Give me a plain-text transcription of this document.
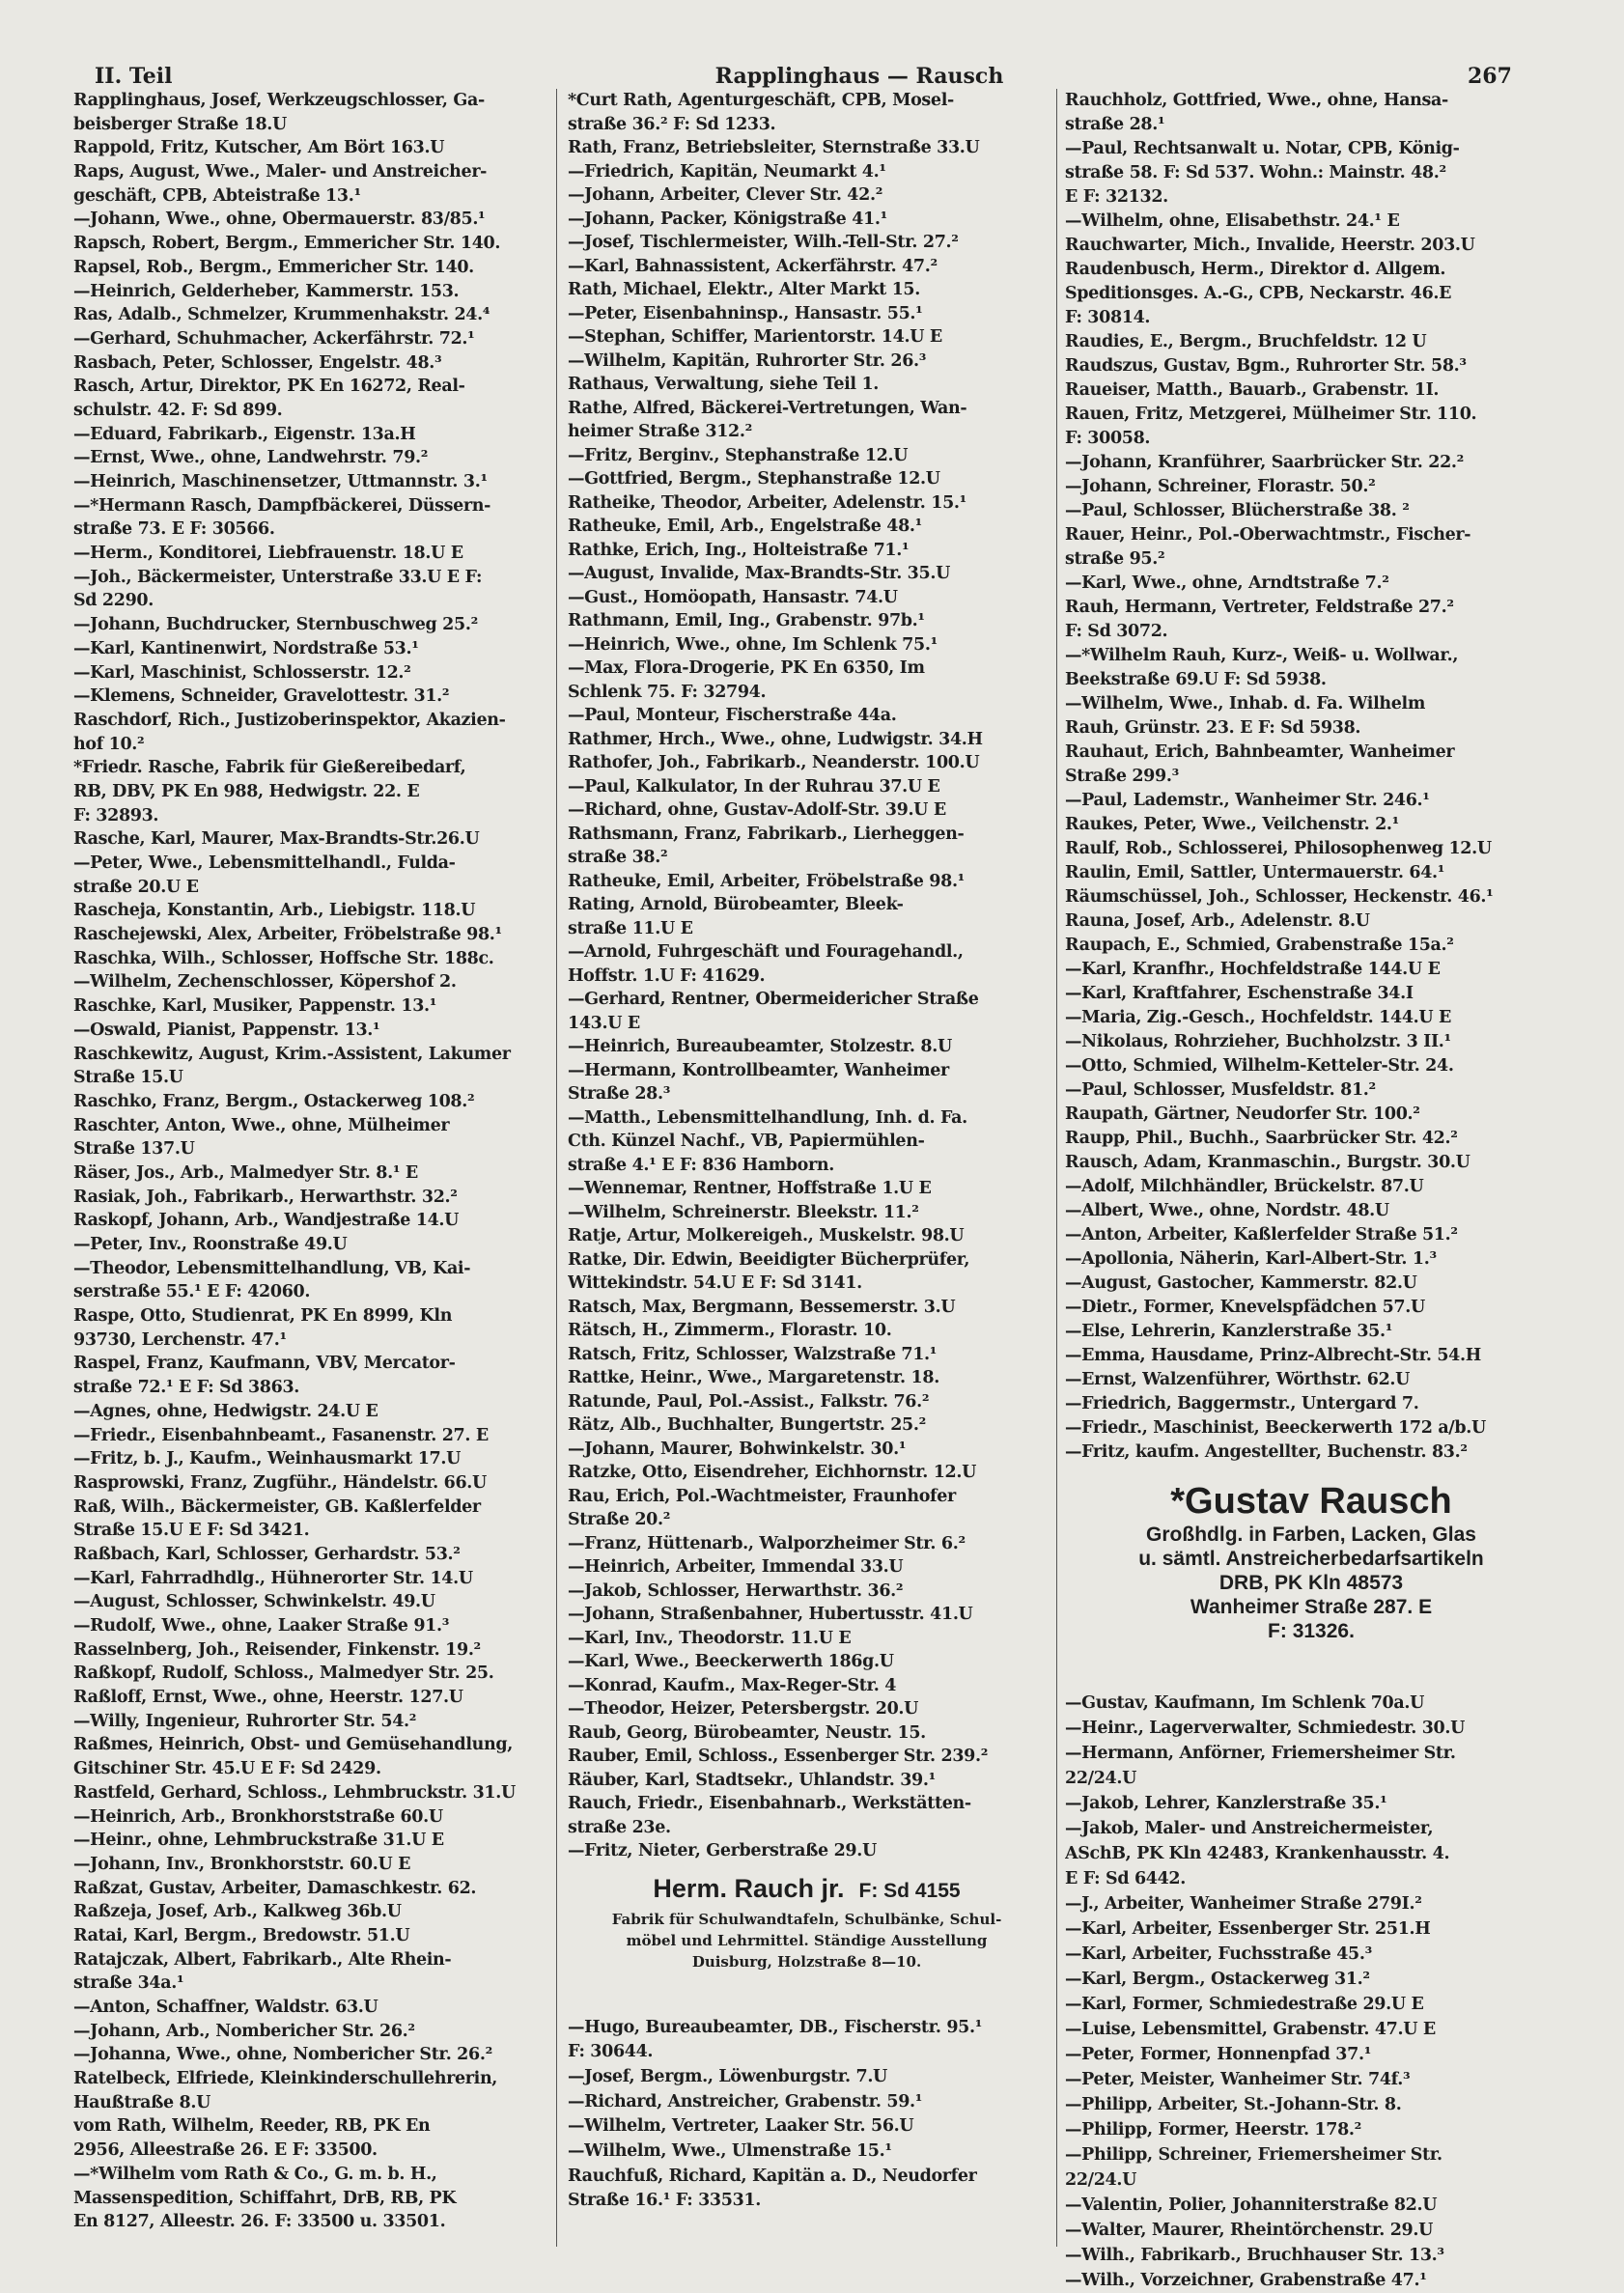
II. Teil	Rapplinghaus — Rausch	267
Rapplinghaus, Josef, Werkzeugschlosser, Ga-
beisberger Straße 18.U
Rappold, Fritz, Kutscher, Am Bört 163.U
Raps, August, Wwe., Maler- und Anstreicher-
geschäft, CPB, Abteistraße 13.¹
—Johann, Wwe., ohne, Obermauerstr. 83/85.¹
Rapsch, Robert, Bergm., Emmericher Str. 140.
Rapsel, Rob., Bergm., Emmericher Str. 140.
—Heinrich, Gelderheber, Kammerstr. 153.
Ras, Adalb., Schmelzer, Krummenhakstr. 24.⁴
—Gerhard, Schuhmacher, Ackerfährstr. 72.¹
Rasbach, Peter, Schlosser, Engelstr. 48.³
Rasch, Artur, Direktor, PK En 16272, Real-
schulstr. 42. F: Sd 899.
—Eduard, Fabrikarb., Eigenstr. 13a.H
—Ernst, Wwe., ohne, Landwehrstr. 79.²
—Heinrich, Maschinensetzer, Uttmannstr. 3.¹
—*Hermann Rasch, Dampfbäckerei, Düssern-
straße 73. E F: 30566.
—Herm., Konditorei, Liebfrauenstr. 18.U E
—Joh., Bäckermeister, Unterstraße 33.U E F:
Sd 2290.
—Johann, Buchdrucker, Sternbuschweg 25.²
—Karl, Kantinenwirt, Nordstraße 53.¹
—Karl, Maschinist, Schlosserstr. 12.²
—Klemens, Schneider, Gravelottestr. 31.²
Raschdorf, Rich., Justizoberinspektor, Akazien-
hof 10.²
*Friedr. Rasche, Fabrik für Gießereibedarf,
RB, DBV, PK En 988, Hedwigstr. 22. E
F: 32893.
Rasche, Karl, Maurer, Max-Brandts-Str.26.U
—Peter, Wwe., Lebensmittelhandl., Fulda-
straße 20.U E
Rascheja, Konstantin, Arb., Liebigstr. 118.U
Raschejewski, Alex, Arbeiter, Fröbelstraße 98.¹
Raschka, Wilh., Schlosser, Hoffsche Str. 188c.
—Wilhelm, Zechenschlosser, Köpershof 2.
Raschke, Karl, Musiker, Pappenstr. 13.¹
—Oswald, Pianist, Pappenstr. 13.¹
Raschkewitz, August, Krim.-Assistent, Lakumer
Straße 15.U
Raschko, Franz, Bergm., Ostackerweg 108.²
Raschter, Anton, Wwe., ohne, Mülheimer
Straße 137.U
Räser, Jos., Arb., Malmedyer Str. 8.¹ E
Rasiak, Joh., Fabrikarb., Herwarthstr. 32.²
Raskopf, Johann, Arb., Wandjestraße 14.U
—Peter, Inv., Roonstraße 49.U
—Theodor, Lebensmittelhandlung, VB, Kai-
serstraße 55.¹ E F: 42060.
Raspe, Otto, Studienrat, PK En 8999, Kln
93730, Lerchenstr. 47.¹
Raspel, Franz, Kaufmann, VBV, Mercator-
straße 72.¹ E F: Sd 3863.
—Agnes, ohne, Hedwigstr. 24.U E
—Friedr., Eisenbahnbeamt., Fasanenstr. 27. E
—Fritz, b. J., Kaufm., Weinhausmarkt 17.U
Rasprowski, Franz, Zugführ., Händelstr. 66.U
Raß, Wilh., Bäckermeister, GB. Kaßlerfelder
Straße 15.U E F: Sd 3421.
Raßbach, Karl, Schlosser, Gerhardstr. 53.²
—Karl, Fahrradhdlg., Hühnerorter Str. 14.U
—August, Schlosser, Schwinkelstr. 49.U
—Rudolf, Wwe., ohne, Laaker Straße 91.³
Rasselnberg, Joh., Reisender, Finkenstr. 19.²
Raßkopf, Rudolf, Schloss., Malmedyer Str. 25.
Raßloff, Ernst, Wwe., ohne, Heerstr. 127.U
—Willy, Ingenieur, Ruhrorter Str. 54.²
Raßmes, Heinrich, Obst- und Gemüsehandlung,
Gitschiner Str. 45.U E F: Sd 2429.
Rastfeld, Gerhard, Schloss., Lehmbruckstr. 31.U
—Heinrich, Arb., Bronkhorststraße 60.U
—Heinr., ohne, Lehmbruckstraße 31.U E
—Johann, Inv., Bronkhorststr. 60.U E
Raßzat, Gustav, Arbeiter, Damaschkestr. 62.
Raßzeja, Josef, Arb., Kalkweg 36b.U
Ratai, Karl, Bergm., Bredowstr. 51.U
Ratajczak, Albert, Fabrikarb., Alte Rhein-
straße 34a.¹
—Anton, Schaffner, Waldstr. 63.U
—Johann, Arb., Nombericher Str. 26.²
—Johanna, Wwe., ohne, Nombericher Str. 26.²
Ratelbeck, Elfriede, Kleinkinderschullehrerin,
Haußtraße 8.U
vom Rath, Wilhelm, Reeder, RB, PK En
2956, Alleestraße 26. E F: 33500.
—*Wilhelm vom Rath & Co., G. m. b. H.,
Massenspedition, Schiffahrt, DrB, RB, PK
En 8127, Alleestr. 26. F: 33500 u. 33501.
*Curt Rath, Agenturgeschäft, CPB, Mosel-
straße 36.² F: Sd 1233.
Rath, Franz, Betriebsleiter, Sternstraße 33.U
—Friedrich, Kapitän, Neumarkt 4.¹
—Johann, Arbeiter, Clever Str. 42.²
—Johann, Packer, Königstraße 41.¹
—Josef, Tischlermeister, Wilh.-Tell-Str. 27.²
—Karl, Bahnassistent, Ackerfährstr. 47.²
Rath, Michael, Elektr., Alter Markt 15.
—Peter, Eisenbahninsp., Hansastr. 55.¹
—Stephan, Schiffer, Marientorstr. 14.U E
—Wilhelm, Kapitän, Ruhrorter Str. 26.³
Rathaus, Verwaltung, siehe Teil 1.
Rathe, Alfred, Bäckerei-Vertretungen, Wan-
heimer Straße 312.²
—Fritz, Berginv., Stephanstraße 12.U
—Gottfried, Bergm., Stephanstraße 12.U
Ratheike, Theodor, Arbeiter, Adelenstr. 15.¹
Ratheuke, Emil, Arb., Engelstraße 48.¹
Rathke, Erich, Ing., Holteistraße 71.¹
—August, Invalide, Max-Brandts-Str. 35.U
—Gust., Homöopath, Hansastr. 74.U
Rathmann, Emil, Ing., Grabenstr. 97b.¹
—Heinrich, Wwe., ohne, Im Schlenk 75.¹
—Max, Flora-Drogerie, PK En 6350, Im
Schlenk 75. F: 32794.
—Paul, Monteur, Fischerstraße 44a.
Rathmer, Hrch., Wwe., ohne, Ludwigstr. 34.H
Rathofer, Joh., Fabrikarb., Neanderstr. 100.U
—Paul, Kalkulator, In der Ruhrau 37.U E
—Richard, ohne, Gustav-Adolf-Str. 39.U E
Rathsmann, Franz, Fabrikarb., Lierheggen-
straße 38.²
Ratheuke, Emil, Arbeiter, Fröbelstraße 98.¹
Rating, Arnold, Bürobeamter, Bleek-
straße 11.U E
—Arnold, Fuhrgeschäft und Fouragehandl.,
Hoffstr. 1.U F: 41629.
—Gerhard, Rentner, Obermeidericher Straße
143.U E
—Heinrich, Bureaubeamter, Stolzestr. 8.U
—Hermann, Kontrollbeamter, Wanheimer
Straße 28.³
—Matth., Lebensmittelhandlung, Inh. d. Fa.
Cth. Künzel Nachf., VB, Papiermühlen-
straße 4.¹ E F: 836 Hamborn.
—Wennemar, Rentner, Hoffstraße 1.U E
—Wilhelm, Schreinerstr. Bleekstr. 11.²
Ratje, Artur, Molkereigeh., Muskelstr. 98.U
Ratke, Dir. Edwin, Beeidigter Bücherprüfer,
Wittekindstr. 54.U E F: Sd 3141.
Ratsch, Max, Bergmann, Bessemerstr. 3.U
Rätsch, H., Zimmerm., Florastr. 10.
Ratsch, Fritz, Schlosser, Walzstraße 71.¹
Rattke, Heinr., Wwe., Margaretenstr. 18.
Ratunde, Paul, Pol.-Assist., Falkstr. 76.²
Rätz, Alb., Buchhalter, Bungertstr. 25.²
—Johann, Maurer, Bohwinkelstr. 30.¹
Ratzke, Otto, Eisendreher, Eichhornstr. 12.U
Rau, Erich, Pol.-Wachtmeister, Fraunhofer
Straße 20.²
—Franz, Hüttenarb., Walporzheimer Str. 6.²
—Heinrich, Arbeiter, Immendal 33.U
—Jakob, Schlosser, Herwarthstr. 36.²
—Johann, Straßenbahner, Hubertusstr. 41.U
—Karl, Inv., Theodorstr. 11.U E
—Karl, Wwe., Beeckerwerth 186g.U
—Konrad, Kaufm., Max-Reger-Str. 4
—Theodor, Heizer, Petersbergstr. 20.U
Raub, Georg, Bürobeamter, Neustr. 15.
Rauber, Emil, Schloss., Essenberger Str. 239.²
Räuber, Karl, Stadtsekr., Uhlandstr. 39.¹
Rauch, Friedr., Eisenbahnarb., Werkstätten-
straße 23e.
—Fritz, Nieter, Gerberstraße 29.U
Herm. Rauch jr. F: Sd 4155
Fabrik für Schulwandtafeln, Schulbänke, Schul-
möbel und Lehrmittel. Ständige Ausstellung
Duisburg, Holzstraße 8—10.
—Hugo, Bureaubeamter, DB., Fischerstr. 95.¹
F: 30644.
—Josef, Bergm., Löwenburgstr. 7.U
—Richard, Anstreicher, Grabenstr. 59.¹
—Wilhelm, Vertreter, Laaker Str. 56.U
—Wilhelm, Wwe., Ulmenstraße 15.¹
Rauchfuß, Richard, Kapitän a. D., Neudorfer
Straße 16.¹ F: 33531.
Rauchholz, Gottfried, Wwe., ohne, Hansa-
straße 28.¹
—Paul, Rechtsanwalt u. Notar, CPB, König-
straße 58. F: Sd 537. Wohn.: Mainstr. 48.²
E F: 32132.
—Wilhelm, ohne, Elisabethstr. 24.¹ E
Rauchwarter, Mich., Invalide, Heerstr. 203.U
Raudenbusch, Herm., Direktor d. Allgem.
Speditionsges. A.-G., CPB, Neckarstr. 46.E
F: 30814.
Raudies, E., Bergm., Bruchfeldstr. 12 U
Raudszus, Gustav, Bgm., Ruhrorter Str. 58.³
Raueiser, Matth., Bauarb., Grabenstr. 1I.
Rauen, Fritz, Metzgerei, Mülheimer Str. 110.
F: 30058.
—Johann, Kranführer, Saarbrücker Str. 22.²
—Johann, Schreiner, Florastr. 50.²
—Paul, Schlosser, Blücherstraße 38. ²
Rauer, Heinr., Pol.-Oberwachtmstr., Fischer-
straße 95.²
—Karl, Wwe., ohne, Arndtstraße 7.²
Rauh, Hermann, Vertreter, Feldstraße 27.²
F: Sd 3072.
—*Wilhelm Rauh, Kurz-, Weiß- u. Wollwar.,
Beekstraße 69.U F: Sd 5938.
—Wilhelm, Wwe., Inhab. d. Fa. Wilhelm
Rauh, Grünstr. 23. E F: Sd 5938.
Rauhaut, Erich, Bahnbeamter, Wanheimer
Straße 299.³
—Paul, Lademstr., Wanheimer Str. 246.¹
Raukes, Peter, Wwe., Veilchenstr. 2.¹
Raulf, Rob., Schlosserei, Philosophenweg 12.U
Raulin, Emil, Sattler, Untermauerstr. 64.¹
Räumschüssel, Joh., Schlosser, Heckenstr. 46.¹
Rauna, Josef, Arb., Adelenstr. 8.U
Raupach, E., Schmied, Grabenstraße 15a.²
—Karl, Kranfhr., Hochfeldstraße 144.U E
—Karl, Kraftfahrer, Eschenstraße 34.I
—Maria, Zig.-Gesch., Hochfeldstr. 144.U E
—Nikolaus, Rohrzieher, Buchholzstr. 3 II.¹
—Otto, Schmied, Wilhelm-Ketteler-Str. 24.
—Paul, Schlosser, Musfeldstr. 81.²
Raupath, Gärtner, Neudorfer Str. 100.²
Raupp, Phil., Buchh., Saarbrücker Str. 42.²
Rausch, Adam, Kranmaschin., Burgstr. 30.U
—Adolf, Milchhändler, Brückelstr. 87.U
—Albert, Wwe., ohne, Nordstr. 48.U
—Anton, Arbeiter, Kaßlerfelder Straße 51.²
—Apollonia, Näherin, Karl-Albert-Str. 1.³
—August, Gastocher, Kammerstr. 82.U
—Dietr., Former, Knevelspfädchen 57.U
—Else, Lehrerin, Kanzlerstraße 35.¹
—Emma, Hausdame, Prinz-Albrecht-Str. 54.H
—Ernst, Walzenführer, Wörthstr. 62.U
—Friedrich, Baggermstr., Untergard 7.
—Friedr., Maschinist, Beeckerwerth 172 a/b.U
—Fritz, kaufm. Angestellter, Buchenstr. 83.²
*Gustav Rausch
Großhdlg. in Farben, Lacken, Glas
u. sämtl. Anstreicherbedarfsartikeln
DRB, PK Kln 48573
Wanheimer Straße 287. E
F: 31326.
—Gustav, Kaufmann, Im Schlenk 70a.U
—Heinr., Lagerverwalter, Schmiedestr. 30.U
—Hermann, Anförner, Friemersheimer Str.
22/24.U
—Jakob, Lehrer, Kanzlerstraße 35.¹
—Jakob, Maler- und Anstreichermeister,
ASchB, PK Kln 42483, Krankenhausstr. 4.
E F: Sd 6442.
—J., Arbeiter, Wanheimer Straße 279I.²
—Karl, Arbeiter, Essenberger Str. 251.H
—Karl, Arbeiter, Fuchsstraße 45.³
—Karl, Bergm., Ostackerweg 31.²
—Karl, Former, Schmiedestraße 29.U E
—Luise, Lebensmittel, Grabenstr. 47.U E
—Peter, Former, Honnenpfad 37.¹
—Peter, Meister, Wanheimer Str. 74f.³
—Philipp, Arbeiter, St.-Johann-Str. 8.
—Philipp, Former, Heerstr. 178.²
—Philipp, Schreiner, Friemersheimer Str.
22/24.U
—Valentin, Polier, Johanniterstraße 82.U
—Walter, Maurer, Rheintörchenstr. 29.U
—Wilh., Fabrikarb., Bruchhauser Str. 13.³
—Wilh., Vorzeichner, Grabenstraße 47.¹
